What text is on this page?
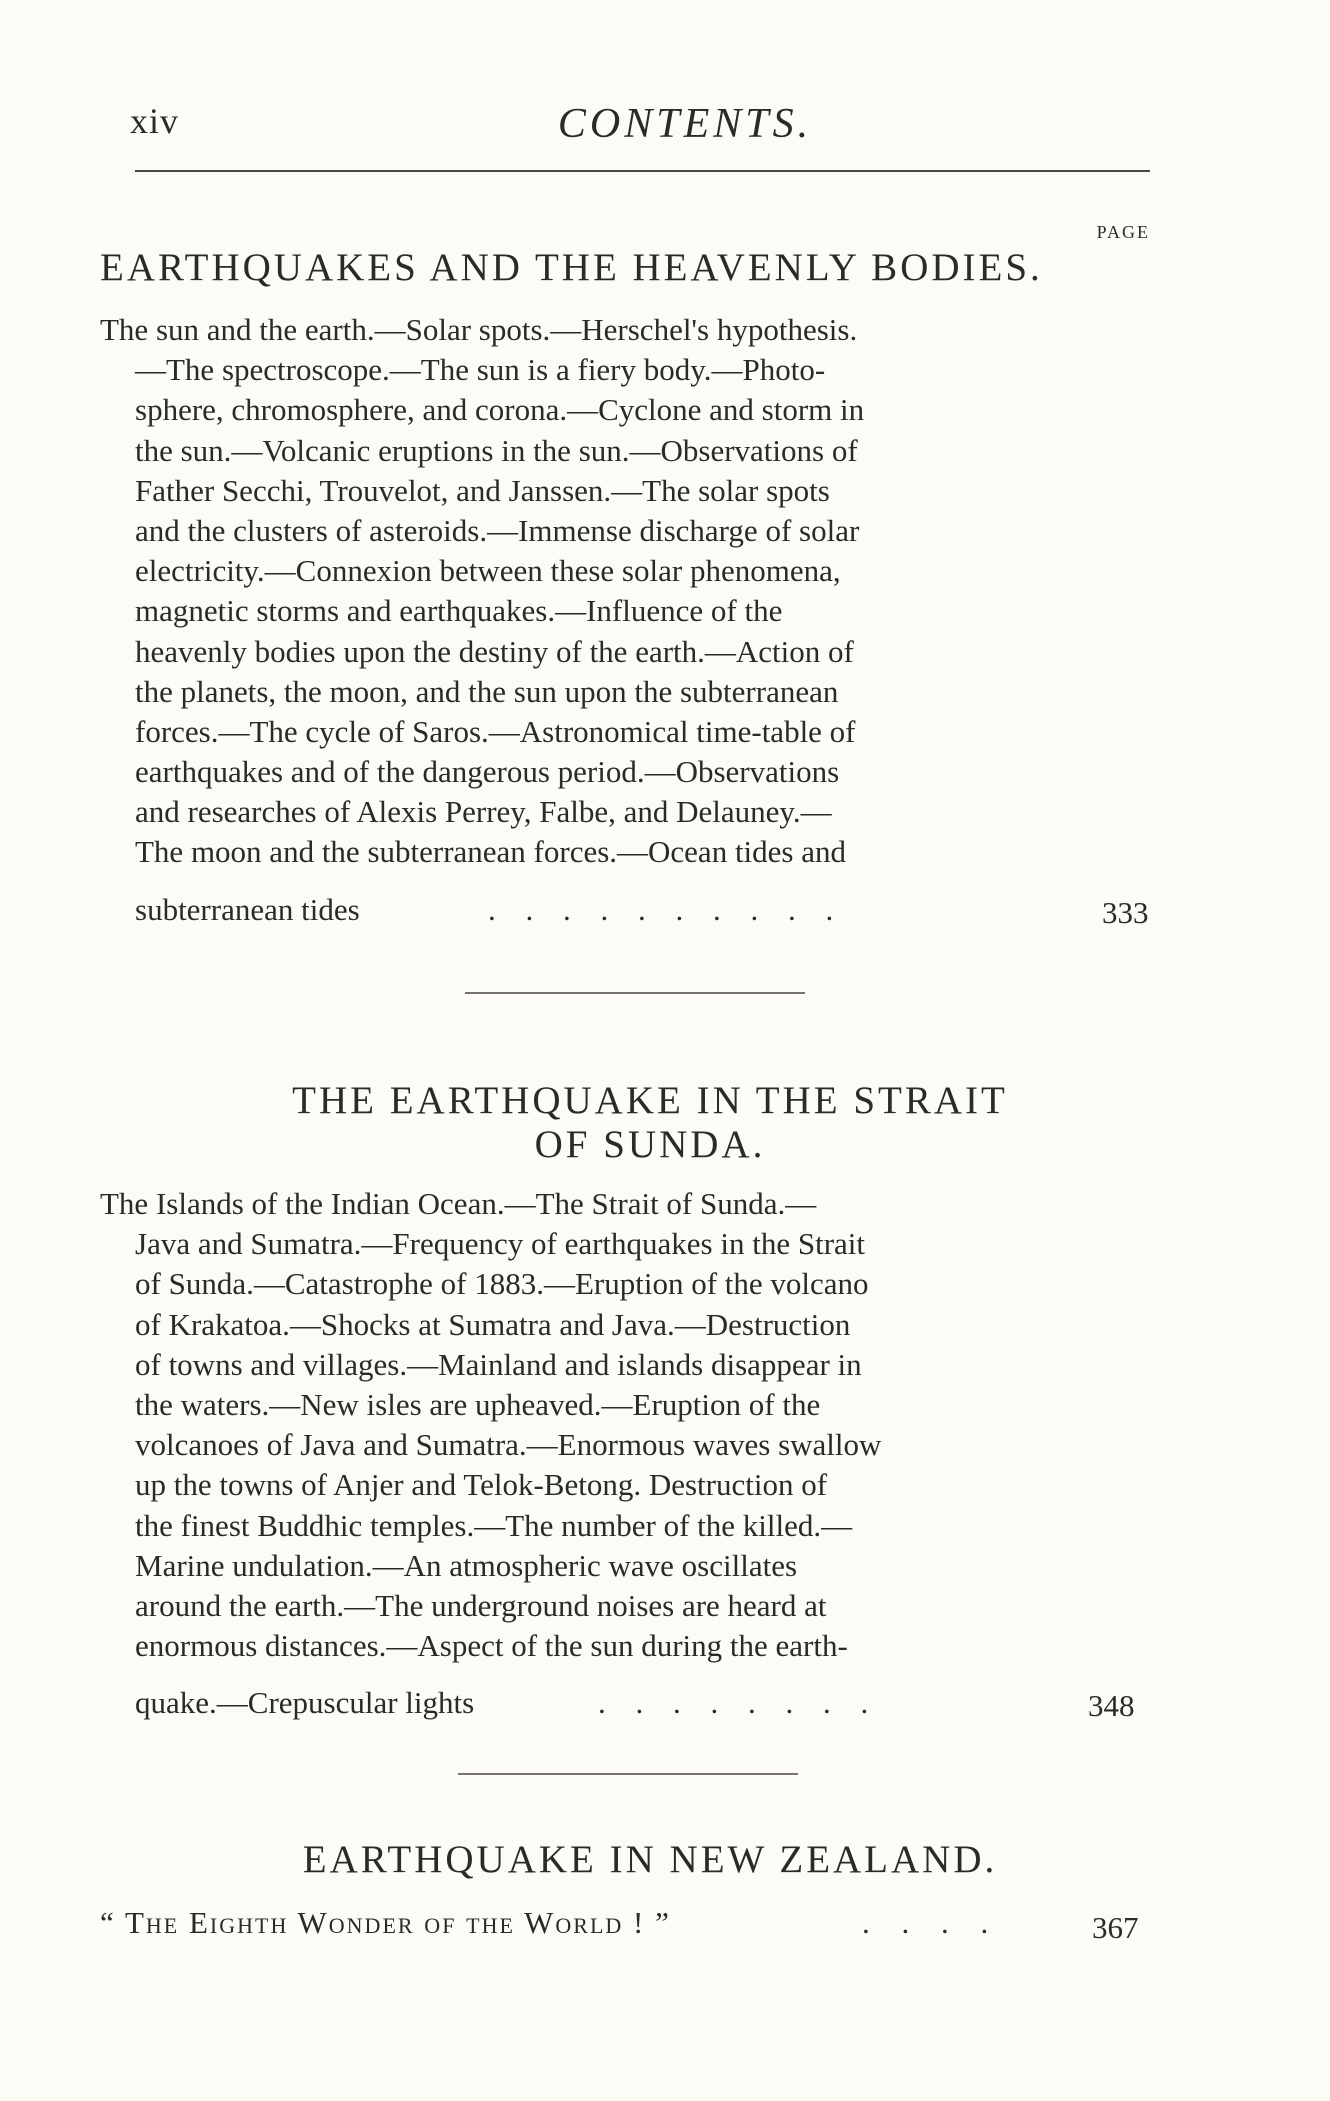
xiv	CONTENTS.
PAGE
EARTHQUAKES AND THE HEAVENLY BODIES.
The sun and the earth.—Solar spots.—Herschel's hypothesis.
—The spectroscope.—The sun is a fiery body.—Photo-
sphere, chromosphere, and corona.—Cyclone and storm in
the sun.—Volcanic eruptions in the sun.—Observations of
Father Secchi, Trouvelot, and Janssen.—The solar spots
and the clusters of asteroids.—Immense discharge of solar
electricity.—Connexion between these solar phenomena,
magnetic storms and earthquakes.—Influence of the
heavenly bodies upon the destiny of the earth.—Action of
the planets, the moon, and the sun upon the subterranean
forces.—The cycle of Saros.—Astronomical time-table of
earthquakes and of the dangerous period.—Observations
and researches of Alexis Perrey, Falbe, and Delauney.—
The moon and the subterranean forces.—Ocean tides and
subterranean tides	. . . . . . . . . .	333
THE EARTHQUAKE IN THE STRAIT
OF SUNDA.
The Islands of the Indian Ocean.—The Strait of Sunda.—
Java and Sumatra.—Frequency of earthquakes in the Strait
of Sunda.—Catastrophe of 1883.—Eruption of the volcano
of Krakatoa.—Shocks at Sumatra and Java.—Destruction
of towns and villages.—Mainland and islands disappear in
the waters.—New isles are upheaved.—Eruption of the
volcanoes of Java and Sumatra.—Enormous waves swallow
up the towns of Anjer and Telok-Betong. Destruction of
the finest Buddhic temples.—The number of the killed.—
Marine undulation.—An atmospheric wave oscillates
around the earth.—The underground noises are heard at
enormous distances.—Aspect of the sun during the earth-
quake.—Crepuscular lights	. . . . . . . .	348
EARTHQUAKE IN NEW ZEALAND.
“ The Eighth Wonder of the World ! ”	. . . .	367
